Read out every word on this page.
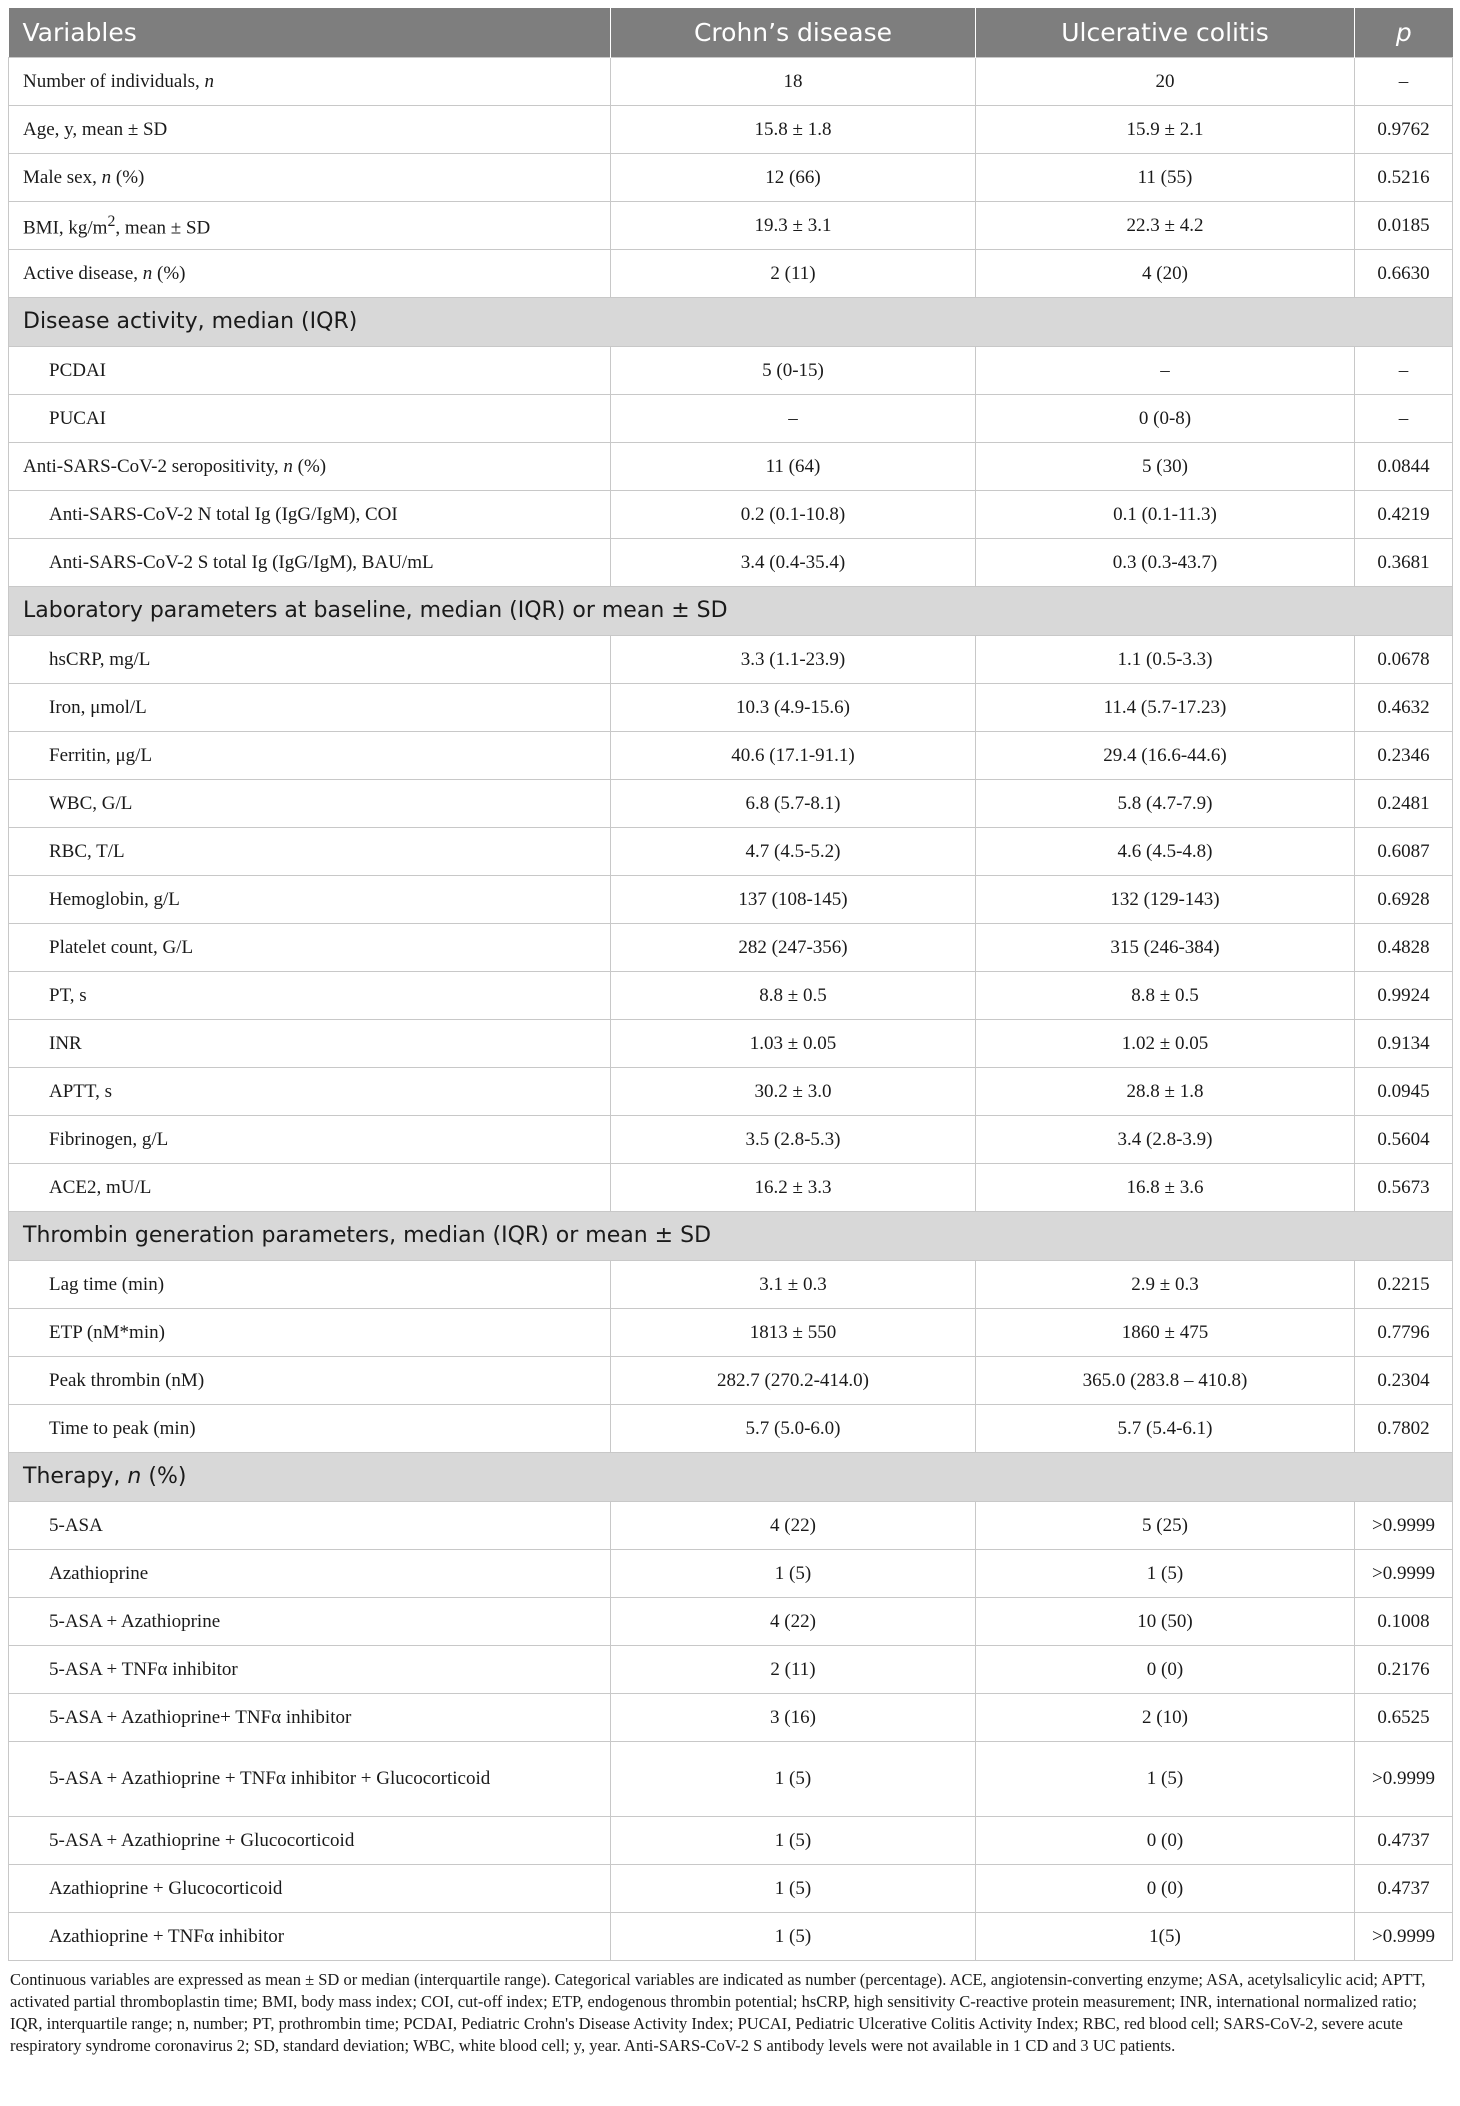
Variables	Crohn’s disease	Ulcerative colitis	p
Number of individuals, n	18	20	–
Age, y, mean ± SD	15.8 ± 1.8	15.9 ± 2.1	0.9762
Male sex, n (%)	12 (66)	11 (55)	0.5216
BMI, $kg/m^2$, mean ± SD	19.3 ± 3.1	22.3 ± 4.2	0.0185
Active disease, n (%)	2 (11)	4 (20)	0.6630
Disease activity, median (IQR)			
PCDAI	5 (0-15)	–	–
PUCAI	–	0 (0-8)	–
Anti-SARS-CoV-2 seropositivity, n (%)	11 (64)	5 (30)	0.0844
Anti-SARS-CoV-2 N total Ig (IgG/IgM), COI	0.2 (0.1-10.8)	0.1 (0.1-11.3)	0.4219
Anti-SARS-CoV-2 S total Ig (IgG/IgM), BAU/mL	3.4 (0.4-35.4)	0.3 (0.3-43.7)	0.3681
Laboratory parameters at baseline, median (IQR) or mean ± SD			
hsCRP, mg/L	3.3 (1.1-23.9)	1.1 (0.5-3.3)	0.0678
Iron, μmol/L	10.3 (4.9-15.6)	11.4 (5.7-17.23)	0.4632
Ferritin, μg/L	40.6 (17.1-91.1)	29.4 (16.6-44.6)	0.2346
WBC, G/L	6.8 (5.7-8.1)	5.8 (4.7-7.9)	0.2481
RBC, T/L	4.7 (4.5-5.2)	4.6 (4.5-4.8)	0.6087
Hemoglobin, g/L	137 (108-145)	132 (129-143)	0.6928
Platelet count, G/L	282 (247-356)	315 (246-384)	0.4828
PT, s	8.8 ± 0.5	8.8 ± 0.5	0.9924
INR	1.03 ± 0.05	1.02 ± 0.05	0.9134
APTT, s	30.2 ± 3.0	28.8 ± 1.8	0.0945
Fibrinogen, g/L	3.5 (2.8-5.3)	3.4 (2.8-3.9)	0.5604
ACE2, mU/L	16.2 ± 3.3	16.8 ± 3.6	0.5673
Thrombin generation parameters, median (IQR) or mean ± SD			
Lag time (min)	3.1 ± 0.3	2.9 ± 0.3	0.2215
ETP (nM*min)	1813 ± 550	1860 ± 475	0.7796
Peak thrombin (nM)	282.7 (270.2-414.0)	365.0 (283.8 – 410.8)	0.2304
Time to peak (min)	5.7 (5.0-6.0)	5.7 (5.4-6.1)	0.7802
Therapy, n (%)			
5-ASA	4 (22)	5 (25)	>0.9999
Azathioprine	1 (5)	1 (5)	>0.9999
5-ASA + Azathioprine	4 (22)	10 (50)	0.1008
5-ASA + TNFα inhibitor	2 (11)	0 (0)	0.2176
5-ASA + Azathioprine+ TNFα inhibitor	3 (16)	2 (10)	0.6525
5-ASA + Azathioprine + TNFα inhibitor + Glucocorticoid	1 (5)	1 (5)	>0.9999
5-ASA + Azathioprine + Glucocorticoid	1 (5)	0 (0)	0.4737
Azathioprine + Glucocorticoid	1 (5)	0 (0)	0.4737
Azathioprine + TNFα inhibitor	1 (5)	1(5)	>0.9999

Continuous variables are expressed as mean ± SD or median (interquartile range). Categorical variables are indicated as number (percentage). ACE, angiotensin-converting enzyme; ASA, acetylsalicylic acid; APTT, activated partial thromboplastin time; BMI, body mass index; COI, cut-off index; ETP, endogenous thrombin potential; hsCRP, high sensitivity C-reactive protein measurement; INR, international normalized ratio; IQR, interquartile range; n, number; PT, prothrombin time; PCDAI, Pediatric Crohn's Disease Activity Index; PUCAI, Pediatric Ulcerative Colitis Activity Index; RBC, red blood cell; SARS-CoV-2, severe acute respiratory syndrome coronavirus 2; SD, standard deviation; WBC, white blood cell; y, year. Anti-SARS-CoV-2 S antibody levels were not available in 1 CD and 3 UC patients.
